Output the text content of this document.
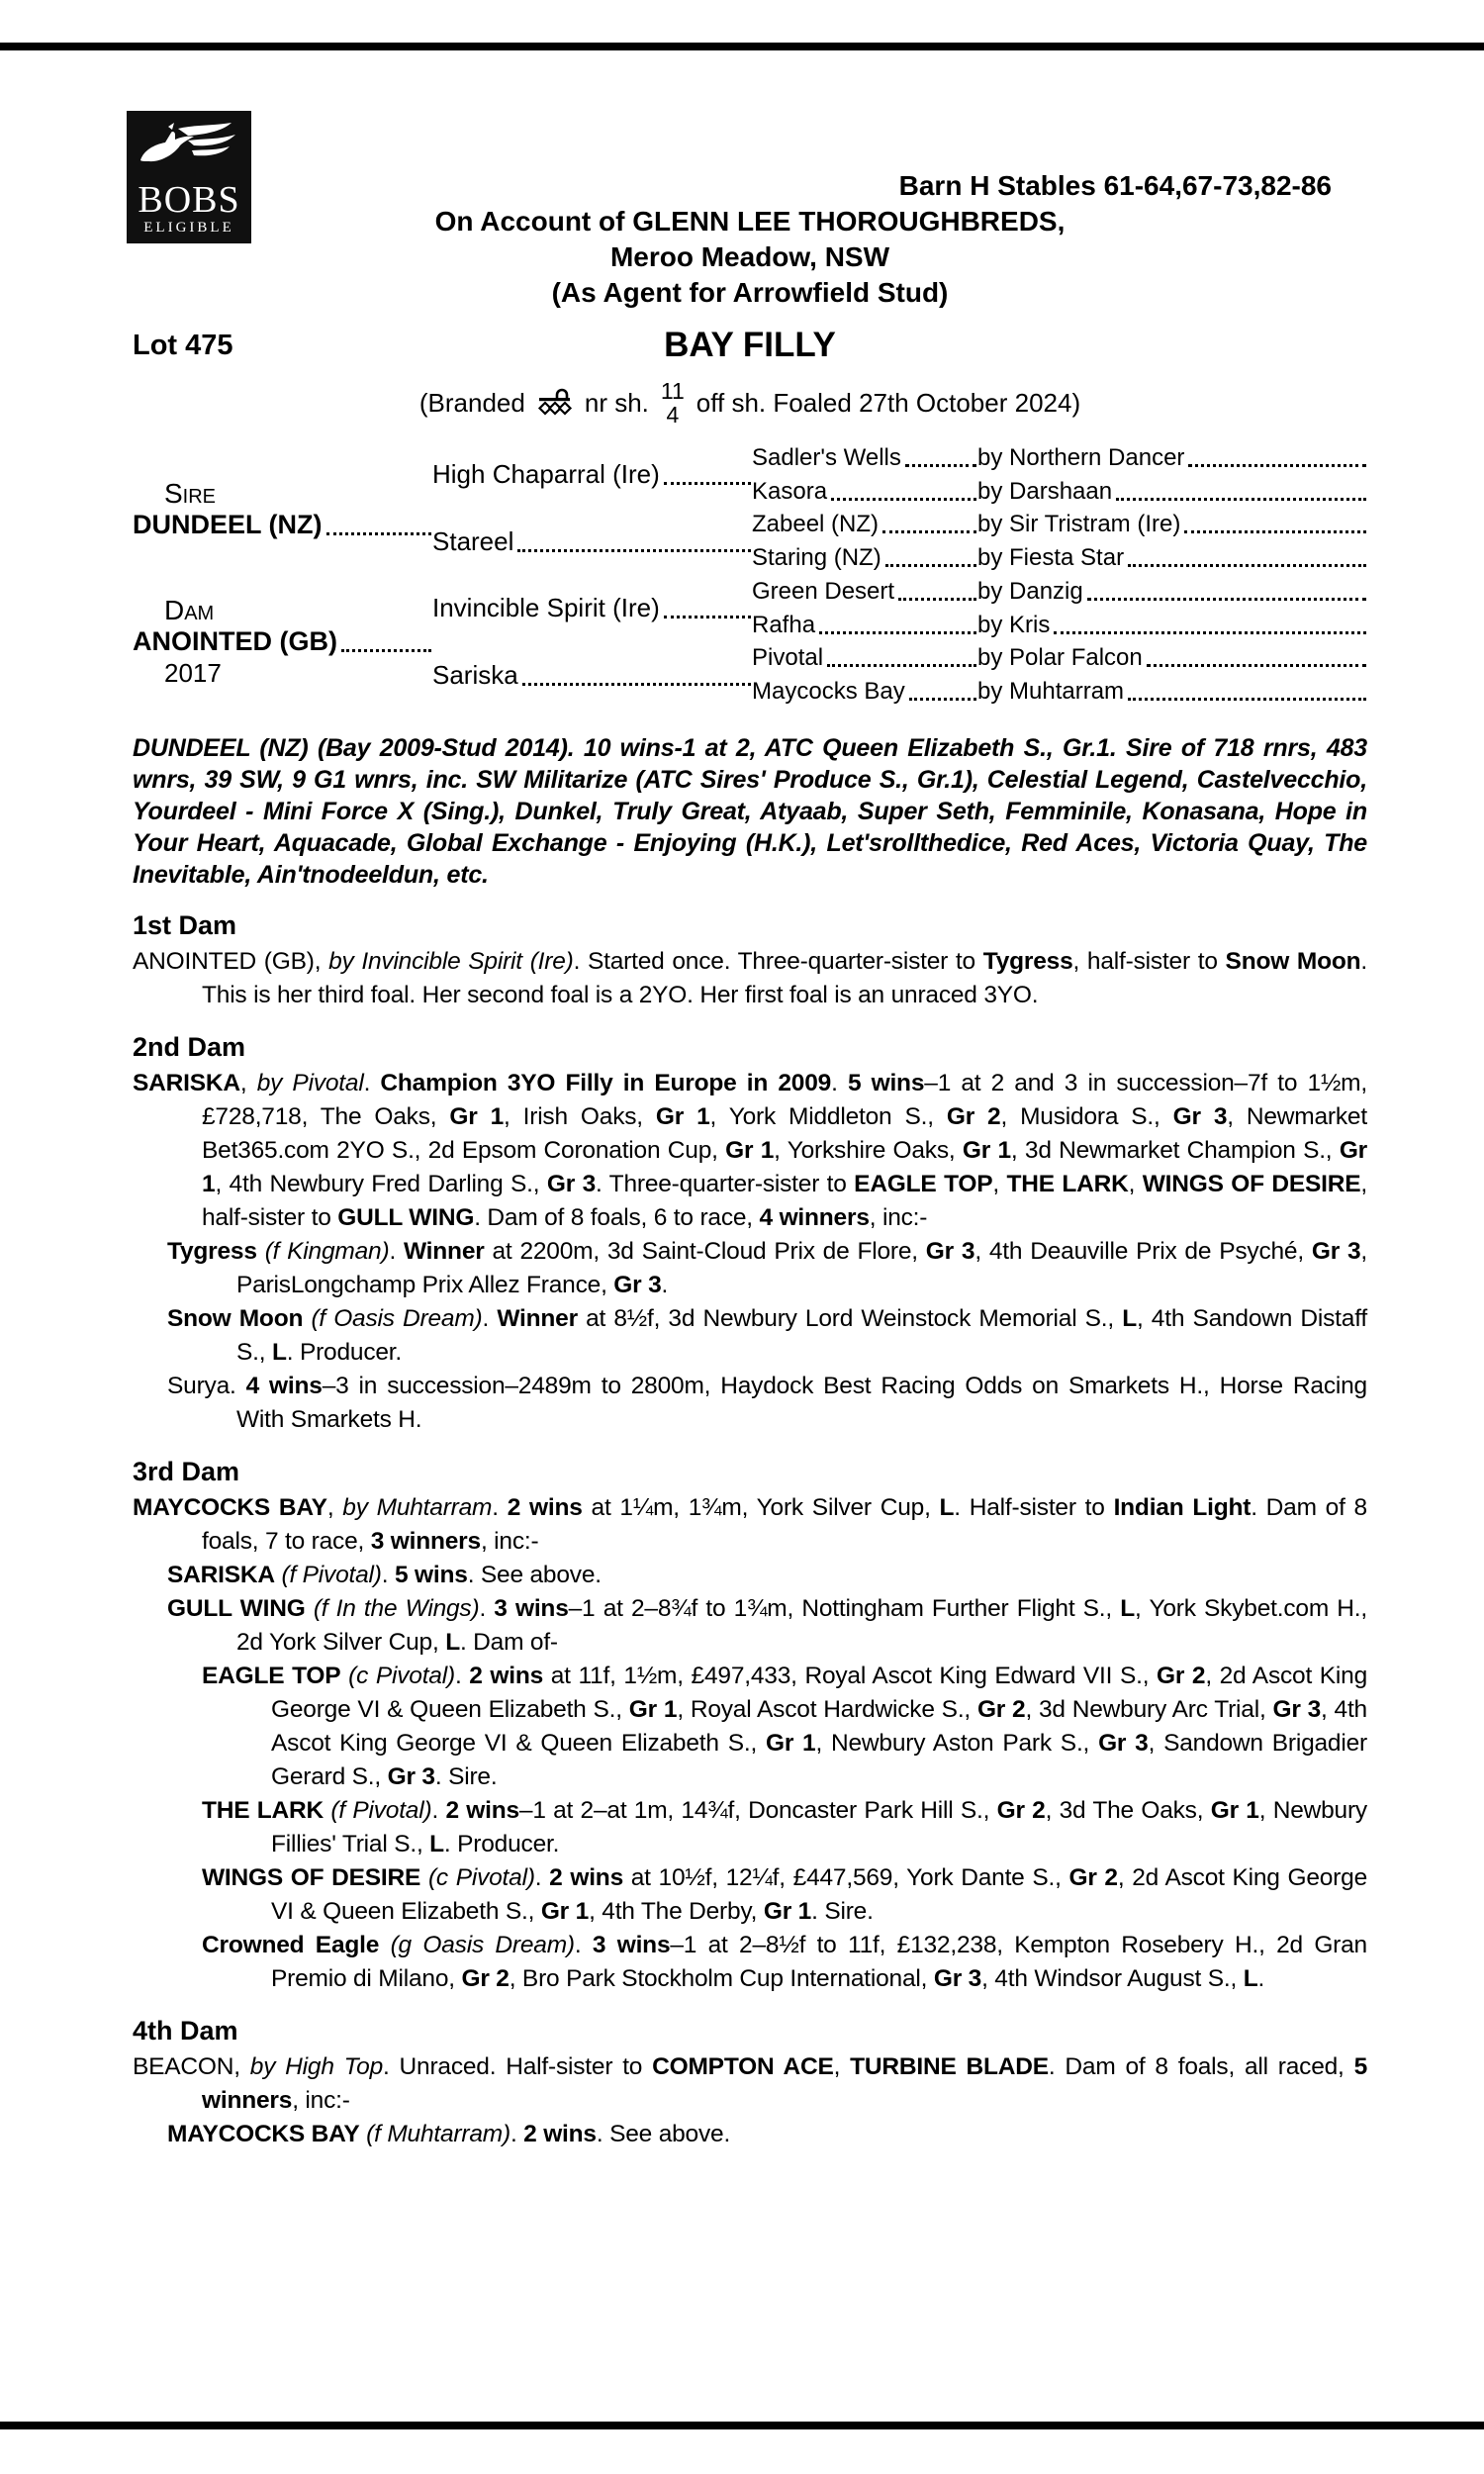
BOBS
ELIGIBLE
Barn H Stables 61-64,67-73,82-86
On Account of GLENN LEE THOROUGHBREDS,
Meroo Meadow, NSW
(As Agent for Arrowfield Stud)
Lot 475	BAY FILLY
(Branded nr sh. 11
4 off sh. Foaled 27th October 2024)
Sire
DUNDEEL (NZ)
Dam
ANOINTED (GB)
2017
High Chaparral (Ire)
Stareel
Invincible Spirit (Ire)
Sariska
Sadler's Wells	by Northern Dancer
Kasora	by Darshaan
Zabeel (NZ)	by Sir Tristram (Ire)
Staring (NZ)	by Fiesta Star
Green Desert	by Danzig
Rafha	by Kris
Pivotal	by Polar Falcon
Maycocks Bay	by Muhtarram

DUNDEEL (NZ) (Bay 2009-Stud 2014). 10 wins-1 at 2, ATC Queen Elizabeth S., Gr.1. Sire of 718 rnrs, 483 wnrs, 39 SW, 9 G1 wnrs, inc. SW Militarize (ATC Sires' Produce S., Gr.1), Celestial Legend, Castelvecchio, Yourdeel - Mini Force X (Sing.), Dunkel, Truly Great, Atyaab, Super Seth, Femminile, Konasana, Hope in Your Heart, Aquacade, Global Exchange - Enjoying (H.K.), Let'srollthedice, Red Aces, Victoria Quay, The Inevitable, Ain'tnodeeldun, etc.

1st Dam

ANOINTED (GB), by Invincible Spirit (Ire). Started once. Three-quarter-sister to Tygress, half-sister to Snow Moon. This is her third foal. Her second foal is a 2YO. Her first foal is an unraced 3YO.

2nd Dam

SARISKA, by Pivotal. Champion 3YO Filly in Europe in 2009. 5 wins–1 at 2 and 3 in succession–7f to 1½m, £728,718, The Oaks, Gr 1, Irish Oaks, Gr 1, York Middleton S., Gr 2, Musidora S., Gr 3, Newmarket Bet365.com 2YO S., 2d Epsom Coronation Cup, Gr 1, Yorkshire Oaks, Gr 1, 3d Newmarket Champion S., Gr 1, 4th Newbury Fred Darling S., Gr 3. Three-quarter-sister to EAGLE TOP, THE LARK, WINGS OF DESIRE, half-sister to GULL WING. Dam of 8 foals, 6 to race, 4 winners, inc:-

Tygress (f Kingman). Winner at 2200m, 3d Saint-Cloud Prix de Flore, Gr 3, 4th Deauville Prix de Psyché, Gr 3, ParisLongchamp Prix Allez France, Gr 3.

Snow Moon (f Oasis Dream). Winner at 8½f, 3d Newbury Lord Weinstock Memorial S., L, 4th Sandown Distaff S., L. Producer.

Surya. 4 wins–3 in succession–2489m to 2800m, Haydock Best Racing Odds on Smarkets H., Horse Racing With Smarkets H.

3rd Dam

MAYCOCKS BAY, by Muhtarram. 2 wins at 1¼m, 1¾m, York Silver Cup, L. Half-sister to Indian Light. Dam of 8 foals, 7 to race, 3 winners, inc:-

SARISKA (f Pivotal). 5 wins. See above.

GULL WING (f In the Wings). 3 wins–1 at 2–8¾f to 1¾m, Nottingham Further Flight S., L, York Skybet.com H., 2d York Silver Cup, L. Dam of-

EAGLE TOP (c Pivotal). 2 wins at 11f, 1½m, £497,433, Royal Ascot King Edward VII S., Gr 2, 2d Ascot King George VI & Queen Elizabeth S., Gr 1, Royal Ascot Hardwicke S., Gr 2, 3d Newbury Arc Trial, Gr 3, 4th Ascot King George VI & Queen Elizabeth S., Gr 1, Newbury Aston Park S., Gr 3, Sandown Brigadier Gerard S., Gr 3. Sire.

THE LARK (f Pivotal). 2 wins–1 at 2–at 1m, 14¾f, Doncaster Park Hill S., Gr 2, 3d The Oaks, Gr 1, Newbury Fillies' Trial S., L. Producer.

WINGS OF DESIRE (c Pivotal). 2 wins at 10½f, 12¼f, £447,569, York Dante S., Gr 2, 2d Ascot King George VI & Queen Elizabeth S., Gr 1, 4th The Derby, Gr 1. Sire.

Crowned Eagle (g Oasis Dream). 3 wins–1 at 2–8½f to 11f, £132,238, Kempton Rosebery H., 2d Gran Premio di Milano, Gr 2, Bro Park Stockholm Cup International, Gr 3, 4th Windsor August S., L.

4th Dam

BEACON, by High Top. Unraced. Half-sister to COMPTON ACE, TURBINE BLADE. Dam of 8 foals, all raced, 5 winners, inc:-

MAYCOCKS BAY (f Muhtarram). 2 wins. See above.
